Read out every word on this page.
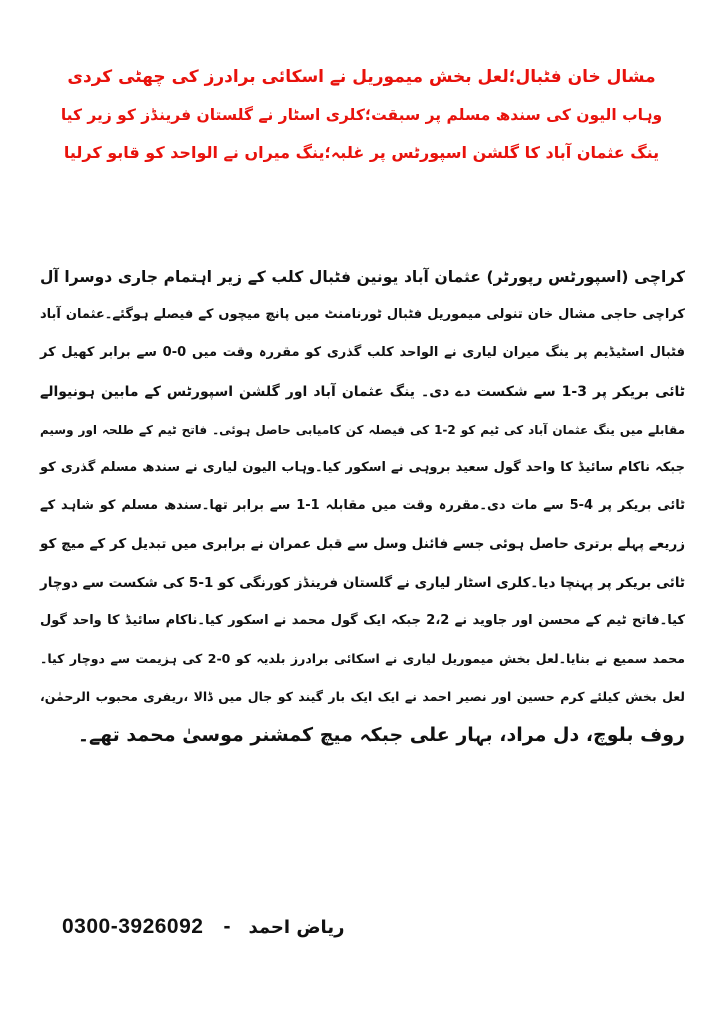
مشال خان فٹبال؛لعل بخش میموریل نے اسکائی برادرز کی چھٹی کردی
وہاب الیون کی سندھ مسلم پر سبقت؛کلری اسٹار نے گلستان فرینڈز کو زیر کیا
ینگ عثمان آباد کا گلشن اسپورٹس پر غلبہ؛ینگ میراں نے الواحد کو قابو کرلیا
کراچی (اسپورٹس رپورٹر) عثمان آباد یونین فٹبال کلب کے زیر اہتمام جاری دوسرا آل
کراچی حاجی مشال خان تنولی میموریل فٹبال ٹورنامنٹ میں پانچ میچوں کے فیصلے ہوگئے۔عثمان آباد
فٹبال اسٹیڈیم پر ینگ میران لیاری نے الواحد کلب گذری کو مقررہ وقت میں 0-0 سے برابر کھیل کر
ٹائی بریکر پر 3-1 سے شکست دے دی۔ ینگ عثمان آباد اور گلشن اسپورٹس کے مابین ہونیوالے
مقابلے میں ینگ عثمان آباد کی ٹیم کو 2-1 کی فیصلہ کن کامیابی حاصل ہوئی۔ فاتح ٹیم کے طلحہ اور وسیم
جبکہ ناکام سائیڈ کا واحد گول سعید بروہی نے اسکور کیا۔وہاب الیون لیاری نے سندھ مسلم گذری کو
ٹائی بریکر پر 4-5 سے مات دی۔مقررہ وقت میں مقابلہ 1-1 سے برابر تھا۔سندھ مسلم کو شاہد کے
زریعے پہلے برتری حاصل ہوئی جسے فائنل وسل سے قبل عمران نے برابری میں تبدیل کر کے میچ کو
ٹائی بریکر پر پہنچا دیا۔کلری اسٹار لیاری نے گلستان فرینڈز کورنگی کو 1-5 کی شکست سے دوچار
کیا۔فاتح ٹیم کے محسن اور جاوید نے 2،2 جبکہ ایک گول محمد نے اسکور کیا۔ناکام سائیڈ کا واحد گول
محمد سمیع نے بنایا۔لعل بخش میموریل لیاری نے اسکائی برادرز بلدیہ کو 0-2 کی ہزیمت سے دوچار کیا۔
لعل بخش کیلئے کرم حسین اور نصیر احمد نے ایک ایک بار گیند کو جال میں ڈالا ،ریفری محبوب الرحمٰن،
روف بلوچ، دل مراد، بہار علی جبکہ میچ کمشنر موسیٰ محمد تھے۔
0300-3926092 - ریاض احمد
